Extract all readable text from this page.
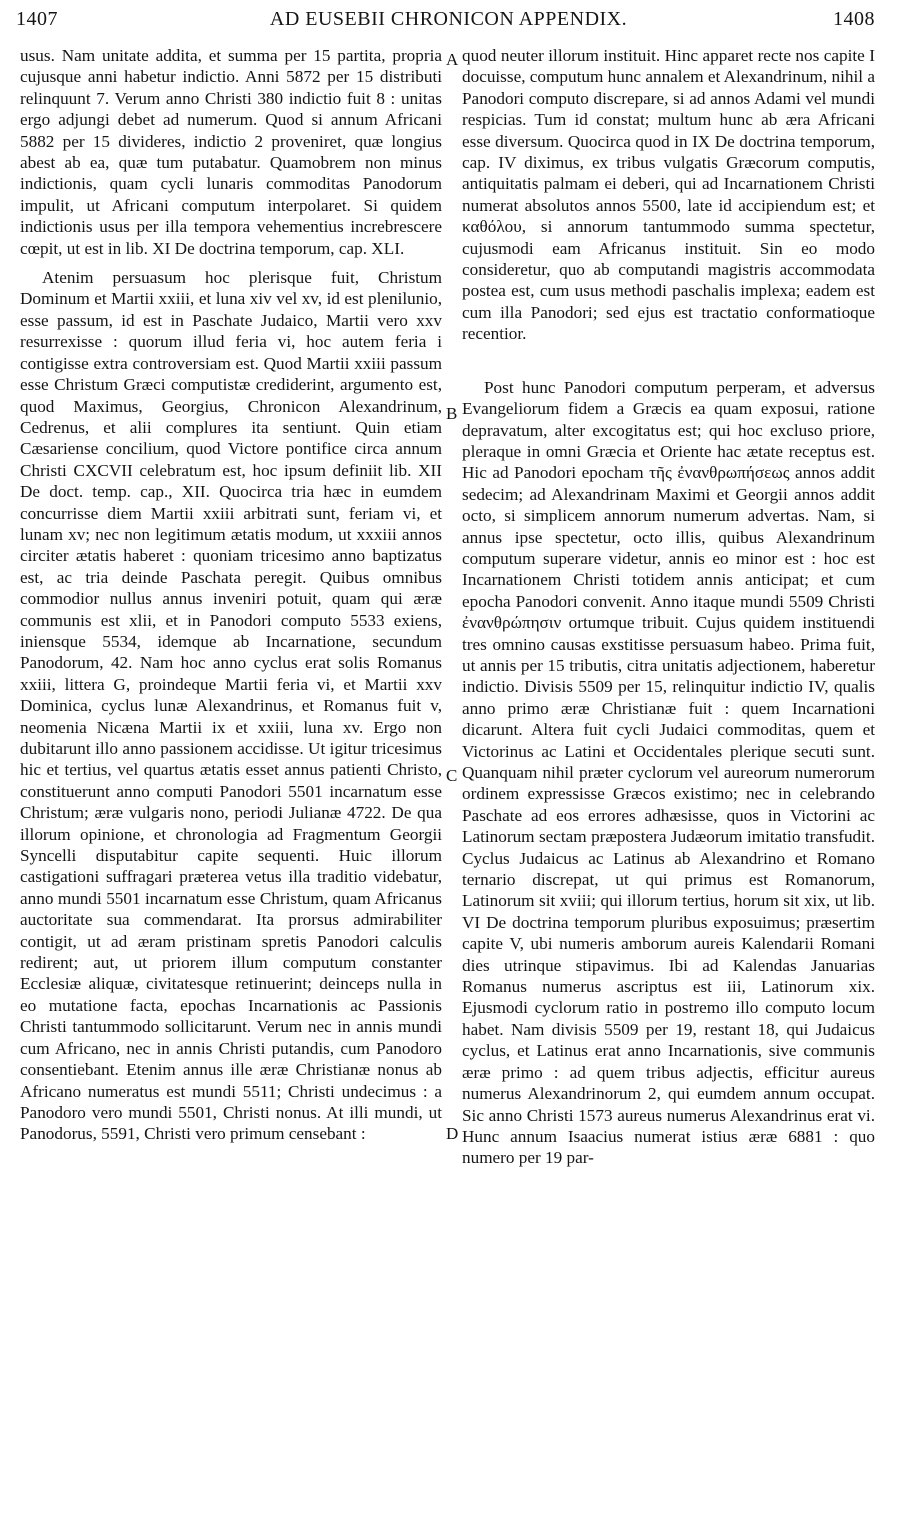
1407	AD EUSEBII CHRONICON APPENDIX.	1408
A
B
C
D

usus. Nam unitate addita, et summa per 15 partita, propria cujusque anni habetur indictio. Anni 5872 per 15 distributi relinquunt 7. Verum anno Christi 380 indictio fuit 8 : unitas ergo adjungi debet ad numerum. Quod si annum Africani 5882 per 15 divideres, indictio 2 proveniret, quæ longius abest ab ea, quæ tum putabatur. Quamobrem non minus indictionis, quam cycli lunaris commoditas Panodorum impulit, ut Africani computum interpolaret. Si quidem indictionis usus per illa tempora vehementius increbrescere cœpit, ut est in lib. XI De doctrina temporum, cap. XLI.

Atenim persuasum hoc plerisque fuit, Christum Dominum et Martii xxiii, et luna xiv vel xv, id est plenilunio, esse passum, id est in Paschate Judaico, Martii vero xxv resurrexisse : quorum illud feria vi, hoc autem feria i contigisse extra controversiam est. Quod Martii xxiii passum esse Christum Græci computistæ crediderint, argumento est, quod Maximus, Georgius, Chronicon Alexandrinum, Cedrenus, et alii complures ita sentiunt. Quin etiam Cæsariense concilium, quod Victore pontifice circa annum Christi CXCVII celebratum est, hoc ipsum definiit lib. XII De doct. temp. cap., XII. Quocirca tria hæc in eumdem concurrisse diem Martii xxiii arbitrati sunt, feriam vi, et lunam xv; nec non legitimum ætatis modum, ut xxxiii annos circiter ætatis haberet : quoniam tricesimo anno baptizatus est, ac tria deinde Paschata peregit. Quibus omnibus commodior nullus annus inveniri potuit, quam qui æræ communis est xlii, et in Panodori computo 5533 exiens, iniensque 5534, idemque ab Incarnatione, secundum Panodorum, 42. Nam hoc anno cyclus erat solis Romanus xxiii, littera G, proindeque Martii feria vi, et Martii xxv Dominica, cyclus lunæ Alexandrinus, et Romanus fuit v, neomenia Nicæna Martii ix et xxiii, luna xv. Ergo non dubitarunt illo anno passionem accidisse. Ut igitur tricesimus hic et tertius, vel quartus ætatis esset annus patienti Christo, constituerunt anno computi Panodori 5501 incarnatum esse Christum; æræ vulgaris nono, periodi Julianæ 4722. De qua illorum opinione, et chronologia ad Fragmentum Georgii Syncelli disputabitur capite sequenti. Huic illorum castigationi suffragari præterea vetus illa traditio videbatur, anno mundi 5501 incarnatum esse Christum, quam Africanus auctoritate sua commendarat. Ita prorsus admirabiliter contigit, ut ad æram pristinam spretis Panodori calculis redirent; aut, ut priorem illum computum constanter Ecclesiæ aliquæ, civitatesque retinuerint; deinceps nulla in eo mutatione facta, epochas Incarnationis ac Passionis Christi tantummodo sollicitarunt. Verum nec in annis mundi cum Africano, nec in annis Christi putandis, cum Panodoro consentiebant. Etenim annus ille æræ Christianæ nonus ab Africano numeratus est mundi 5511; Christi undecimus : a Panodoro vero mundi 5501, Christi nonus. At illi mundi, ut Panodorus, 5591, Christi vero primum censebant :

quod neuter illorum instituit. Hinc apparet recte nos capite I docuisse, computum hunc annalem et Alexandrinum, nihil a Panodori computo discrepare, si ad annos Adami vel mundi respicias. Tum id constat; multum hunc ab æra Africani esse diversum. Quocirca quod in IX De doctrina temporum, cap. IV diximus, ex tribus vulgatis Græcorum computis, antiquitatis palmam ei deberi, qui ad Incarnationem Christi numerat absolutos annos 5500, late id accipiendum est; et καθόλου, si annorum tantummodo summa spectetur, cujusmodi eam Africanus instituit. Sin eo modo consideretur, quo ab computandi magistris accommodata postea est, cum usus methodi paschalis implexa; eadem est cum illa Panodori; sed ejus est tractatio conformatioque recentior.

Post hunc Panodori computum perperam, et adversus Evangeliorum fidem a Græcis ea quam exposui, ratione depravatum, alter excogitatus est; qui hoc excluso priore, pleraque in omni Græcia et Oriente hac ætate receptus est. Hic ad Panodori epocham τῆς ἐνανθρωπήσεως annos addit sedecim; ad Alexandrinam Maximi et Georgii annos addit octo, si simplicem annorum numerum advertas. Nam, si annus ipse spectetur, octo illis, quibus Alexandrinum computum superare videtur, annis eo minor est : hoc est Incarnationem Christi totidem annis anticipat; et cum epocha Panodori convenit. Anno itaque mundi 5509 Christi ἐνανθρώπησιν ortumque tribuit. Cujus quidem instituendi tres omnino causas exstitisse persuasum habeo. Prima fuit, ut annis per 15 tributis, citra unitatis adjectionem, haberetur indictio. Divisis 5509 per 15, relinquitur indictio IV, qualis anno primo æræ Christianæ fuit : quem Incarnationi dicarunt. Altera fuit cycli Judaici commoditas, quem et Victorinus ac Latini et Occidentales plerique secuti sunt. Quanquam nihil præter cyclorum vel aureorum numerorum ordinem expressisse Græcos existimo; nec in celebrando Paschate ad eos errores adhæsisse, quos in Victorini ac Latinorum sectam præpostera Judæorum imitatio transfudit. Cyclus Judaicus ac Latinus ab Alexandrino et Romano ternario discrepat, ut qui primus est Romanorum, Latinorum sit xviii; qui illorum tertius, horum sit xix, ut lib. VI De doctrina temporum pluribus exposuimus; præsertim capite V, ubi numeris amborum aureis Kalendarii Romani dies utrinque stipavimus. Ibi ad Kalendas Januarias Romanus numerus ascriptus est iii, Latinorum xix. Ejusmodi cyclorum ratio in postremo illo computo locum habet. Nam divisis 5509 per 19, restant 18, qui Judaicus cyclus, et Latinus erat anno Incarnationis, sive communis æræ primo : ad quem tribus adjectis, efficitur aureus numerus Alexandrinorum 2, qui eumdem annum occupat. Sic anno Christi 1573 aureus numerus Alexandrinus erat vi. Hunc annum Isaacius numerat istius æræ 6881 : quo numero per 19 par-
